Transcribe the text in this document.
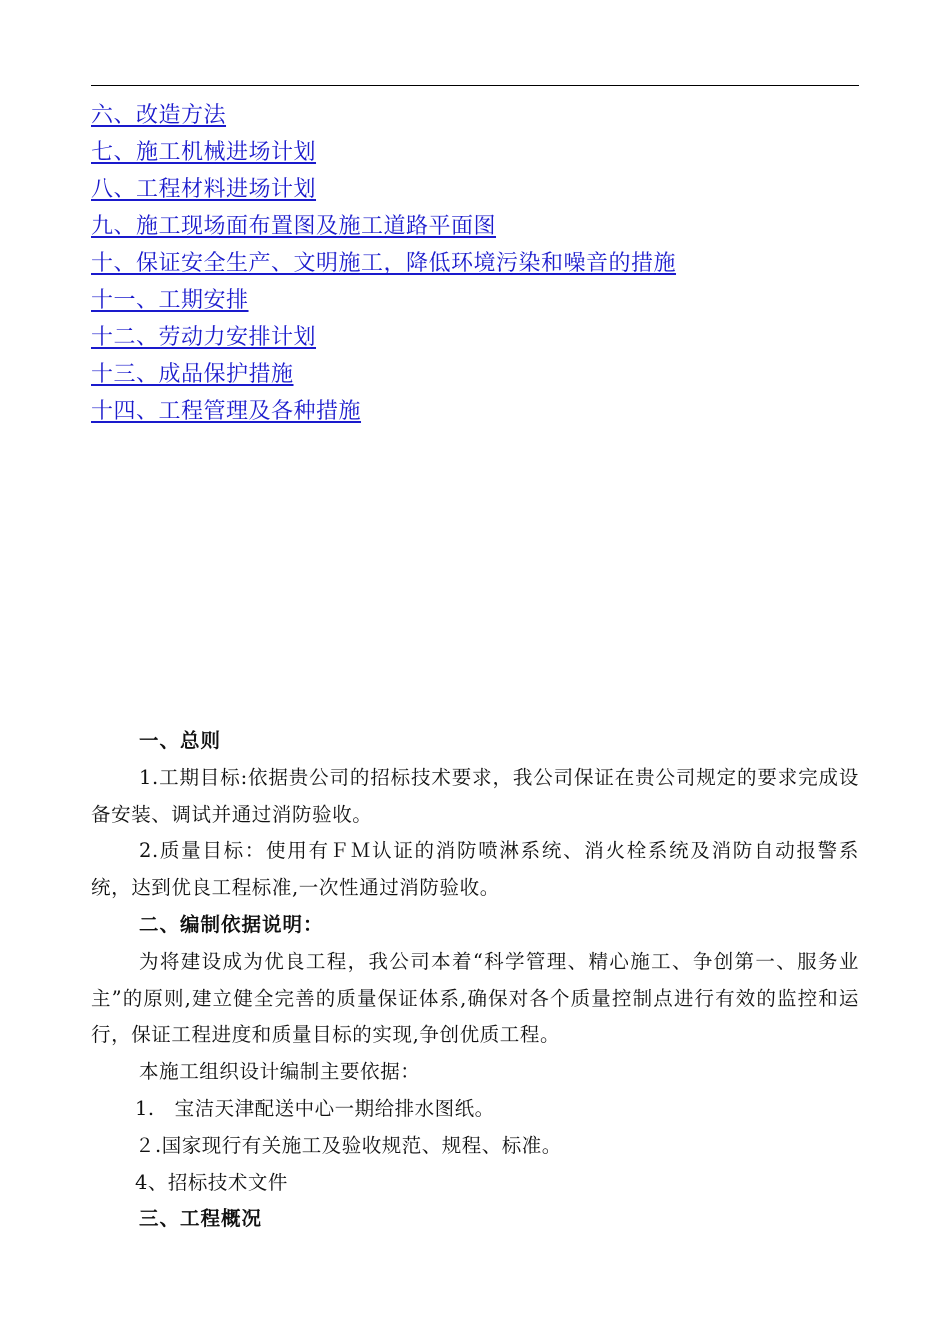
六、改造方法
七、施工机械进场计划
八、工程材料进场计划
九、施工现场面布置图及施工道路平面图
十、保证安全生产、文明施工，降低环境污染和噪音的措施
十一、工期安排
十二、劳动力安排计划
十三、成品保护措施
十四、工程管理及各种措施

一、总则

1.工期目标:依据贵公司的招标技术要求，我公司保证在贵公司规定的要求完成设备安装、调试并通过消防验收。

2.质量目标：使用有ＦＭ认证的消防喷淋系统、消火栓系统及消防自动报警系统，达到优良工程标准,一次性通过消防验收。

二、编制依据说明：

为将建设成为优良工程，我公司本着“科学管理、精心施工、争创第一、服务业主”的原则,建立健全完善的质量保证体系,确保对各个质量控制点进行有效的监控和运行，保证工程进度和质量目标的实现,争创优质工程。

本施工组织设计编制主要依据：

1.　宝洁天津配送中心一期给排水图纸。

２.国家现行有关施工及验收规范、规程、标准。

4、招标技术文件

三、工程概况
